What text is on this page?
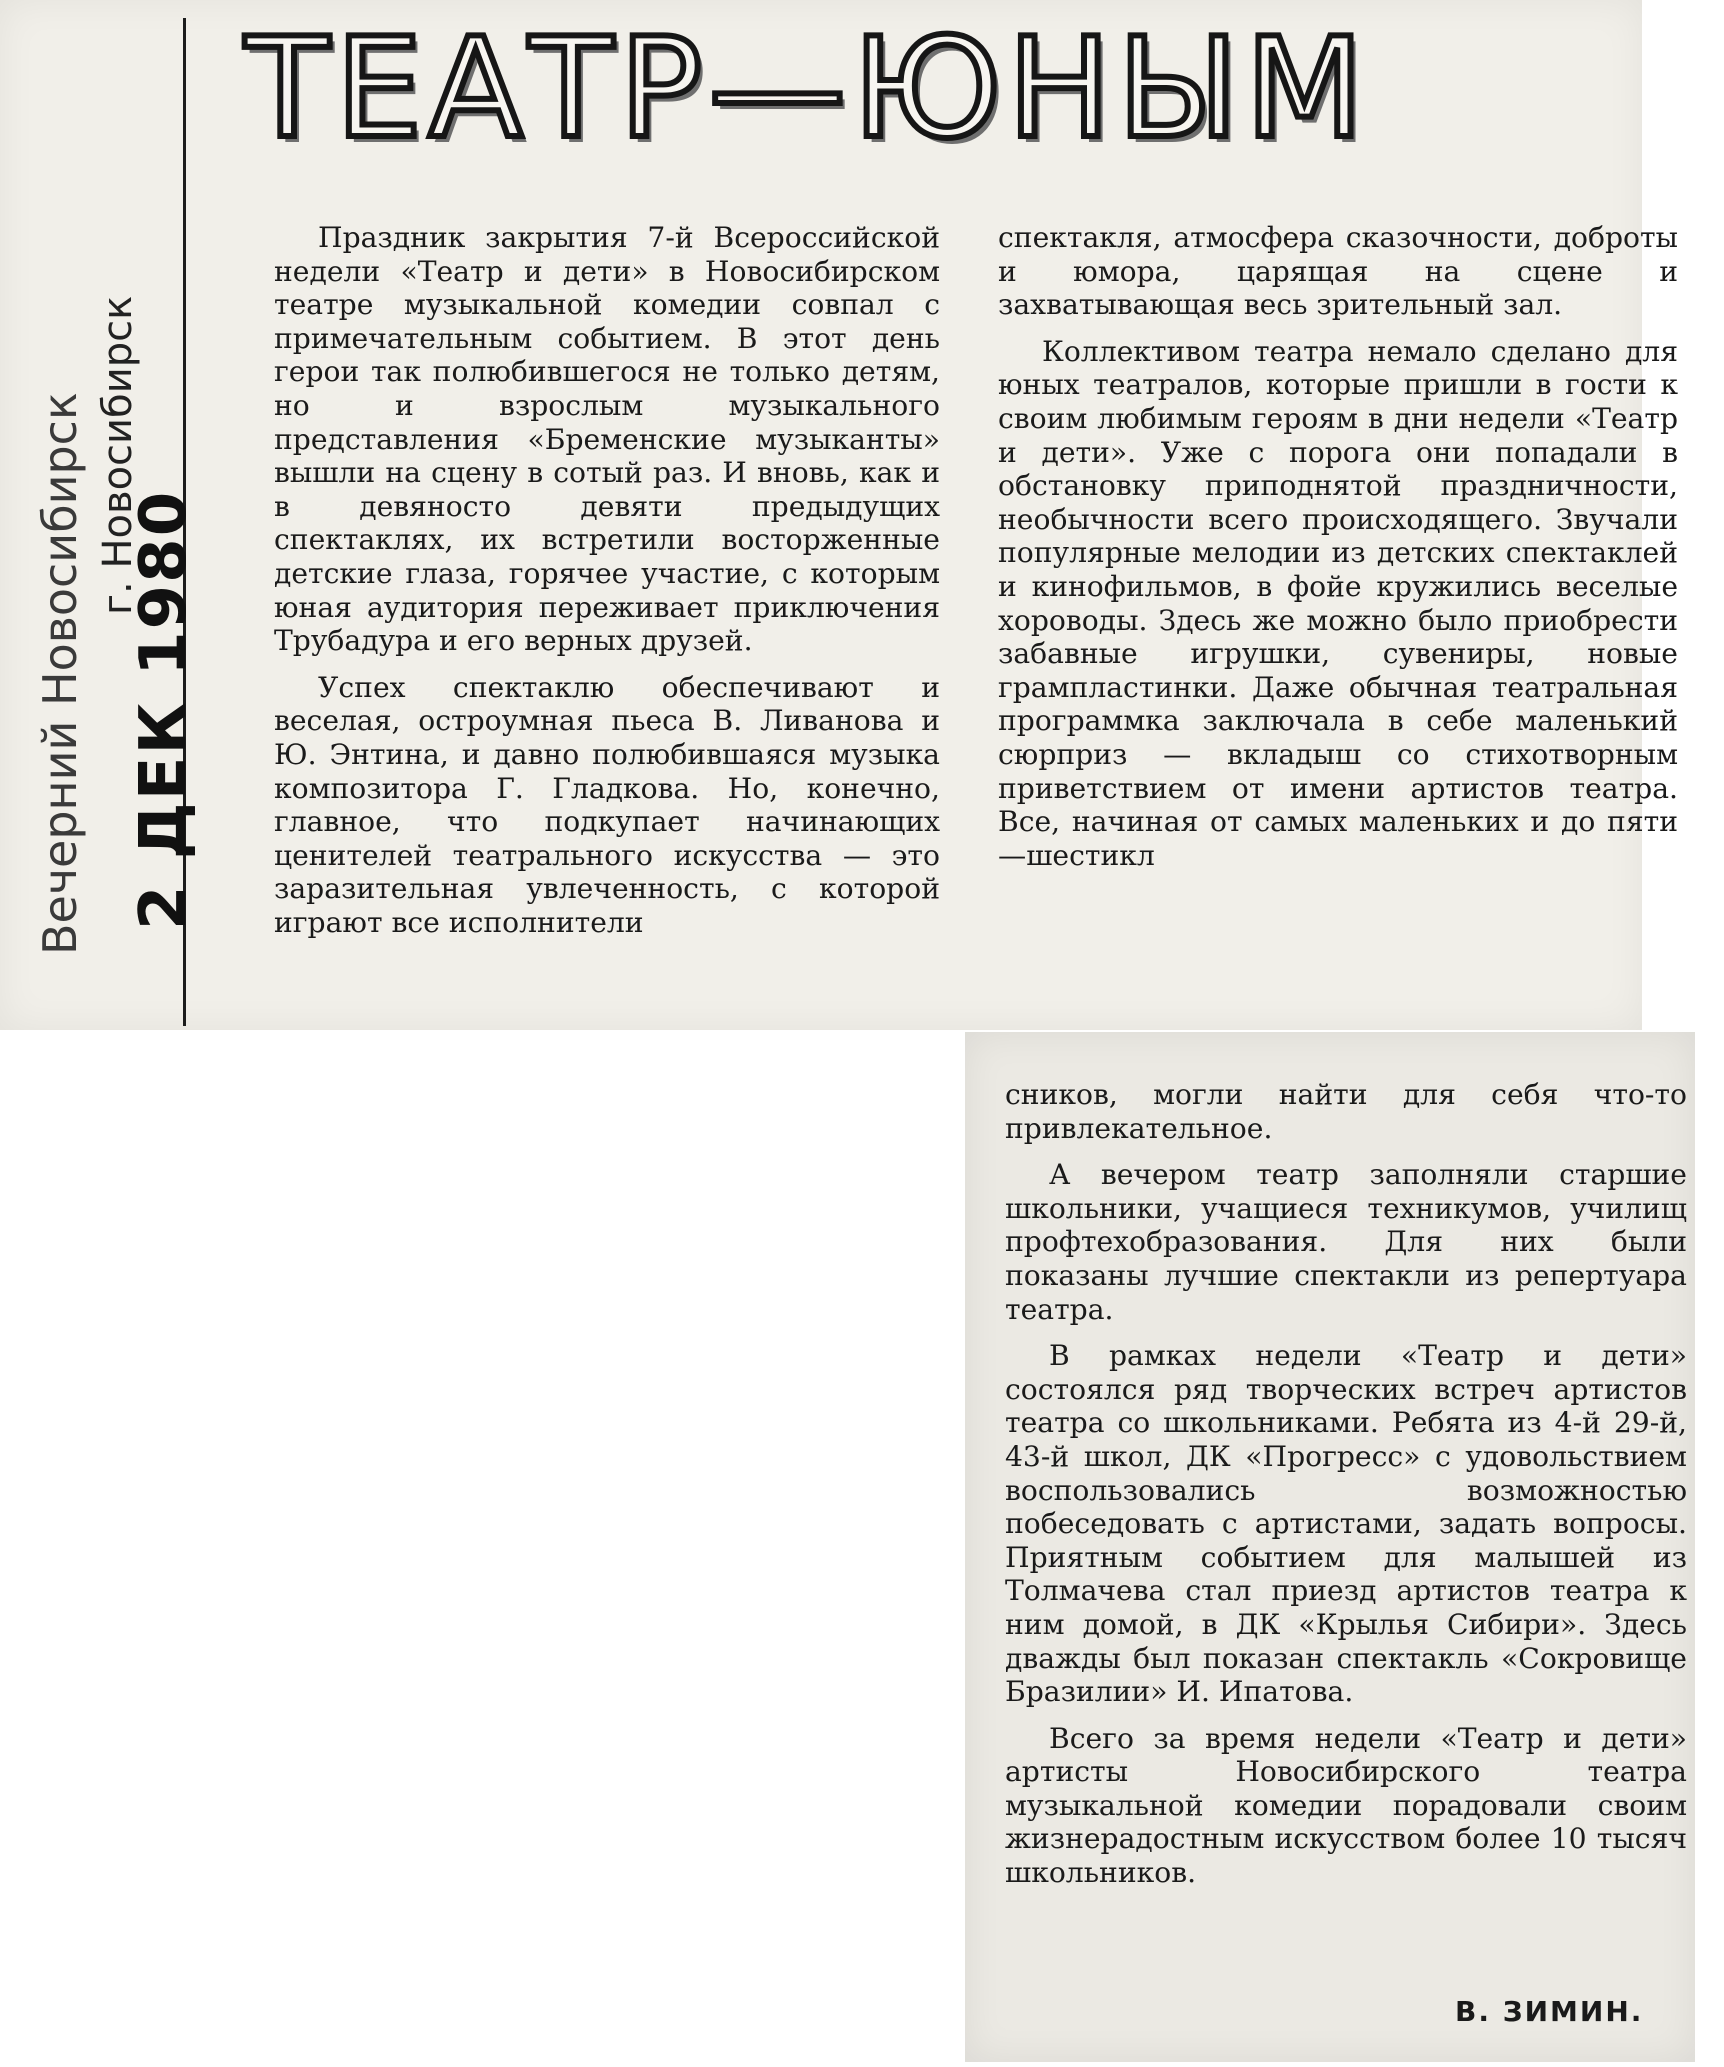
ТЕАТР—ЮНЫМ
Вечерний Новосибирск г. Новосибирск
2 ДЕК 1980

Праздник закрытия 7-й Всероссийской недели «Театр и дети» в Новосибирском театре музыкальной комедии совпал с примечательным событием. В этот день герои так полюбившегося не только детям, но и взрослым музыкального представления «Бременские музыканты» вышли на сцену в сотый раз. И вновь, как и в девяносто девяти предыдущих спектаклях, их встретили восторженные детские глаза, горячее участие, с которым юная аудитория переживает приключения Трубадура и его верных друзей.

Успех спектаклю обеспечивают и веселая, остроумная пьеса В. Ливанова и Ю. Энтина, и давно полюбившаяся музыка композитора Г. Гладкова. Но, конечно, главное, что подкупает начинающих ценителей театрального искусства — это заразительная увлеченность, с которой играют все исполнители

спектакля, атмосфера сказочности, доброты и юмора, царящая на сцене и захватывающая весь зрительный зал.

Коллективом театра немало сделано для юных театралов, которые пришли в гости к своим любимым героям в дни недели «Театр и дети». Уже с порога они попадали в обстановку приподнятой праздничности, необычности всего происходящего. Звучали популярные мелодии из детских спектаклей и кинофильмов, в фойе кружились веселые хороводы. Здесь же можно было приобрести забавные игрушки, сувениры, новые грампластинки. Даже обычная театральная программка заключала в себе маленький сюрприз — вкладыш со стихотворным приветствием от имени артистов театра. Все, начиная от самых маленьких и до пяти—шестикл

сников, могли найти для себя что-то привлекательное.

А вечером театр заполняли старшие школьники, учащиеся техникумов, училищ профтехобразования. Для них были показаны лучшие спектакли из репертуара театра.

В рамках недели «Театр и дети» состоялся ряд творческих встреч артистов театра со школьниками. Ребята из 4-й 29-й, 43-й школ, ДК «Прогресс» с удовольствием воспользовались возможностью побеседовать с артистами, задать вопросы. Приятным событием для малышей из Толмачева стал приезд артистов театра к ним домой, в ДК «Крылья Сибири». Здесь дважды был показан спектакль «Сокровище Бразилии» И. Ипатова.

Всего за время недели «Театр и дети» артисты Новосибирского театра музыкальной комедии порадовали своим жизнерадостным искусством более 10 тысяч школьников.

В. ЗИМИН.
